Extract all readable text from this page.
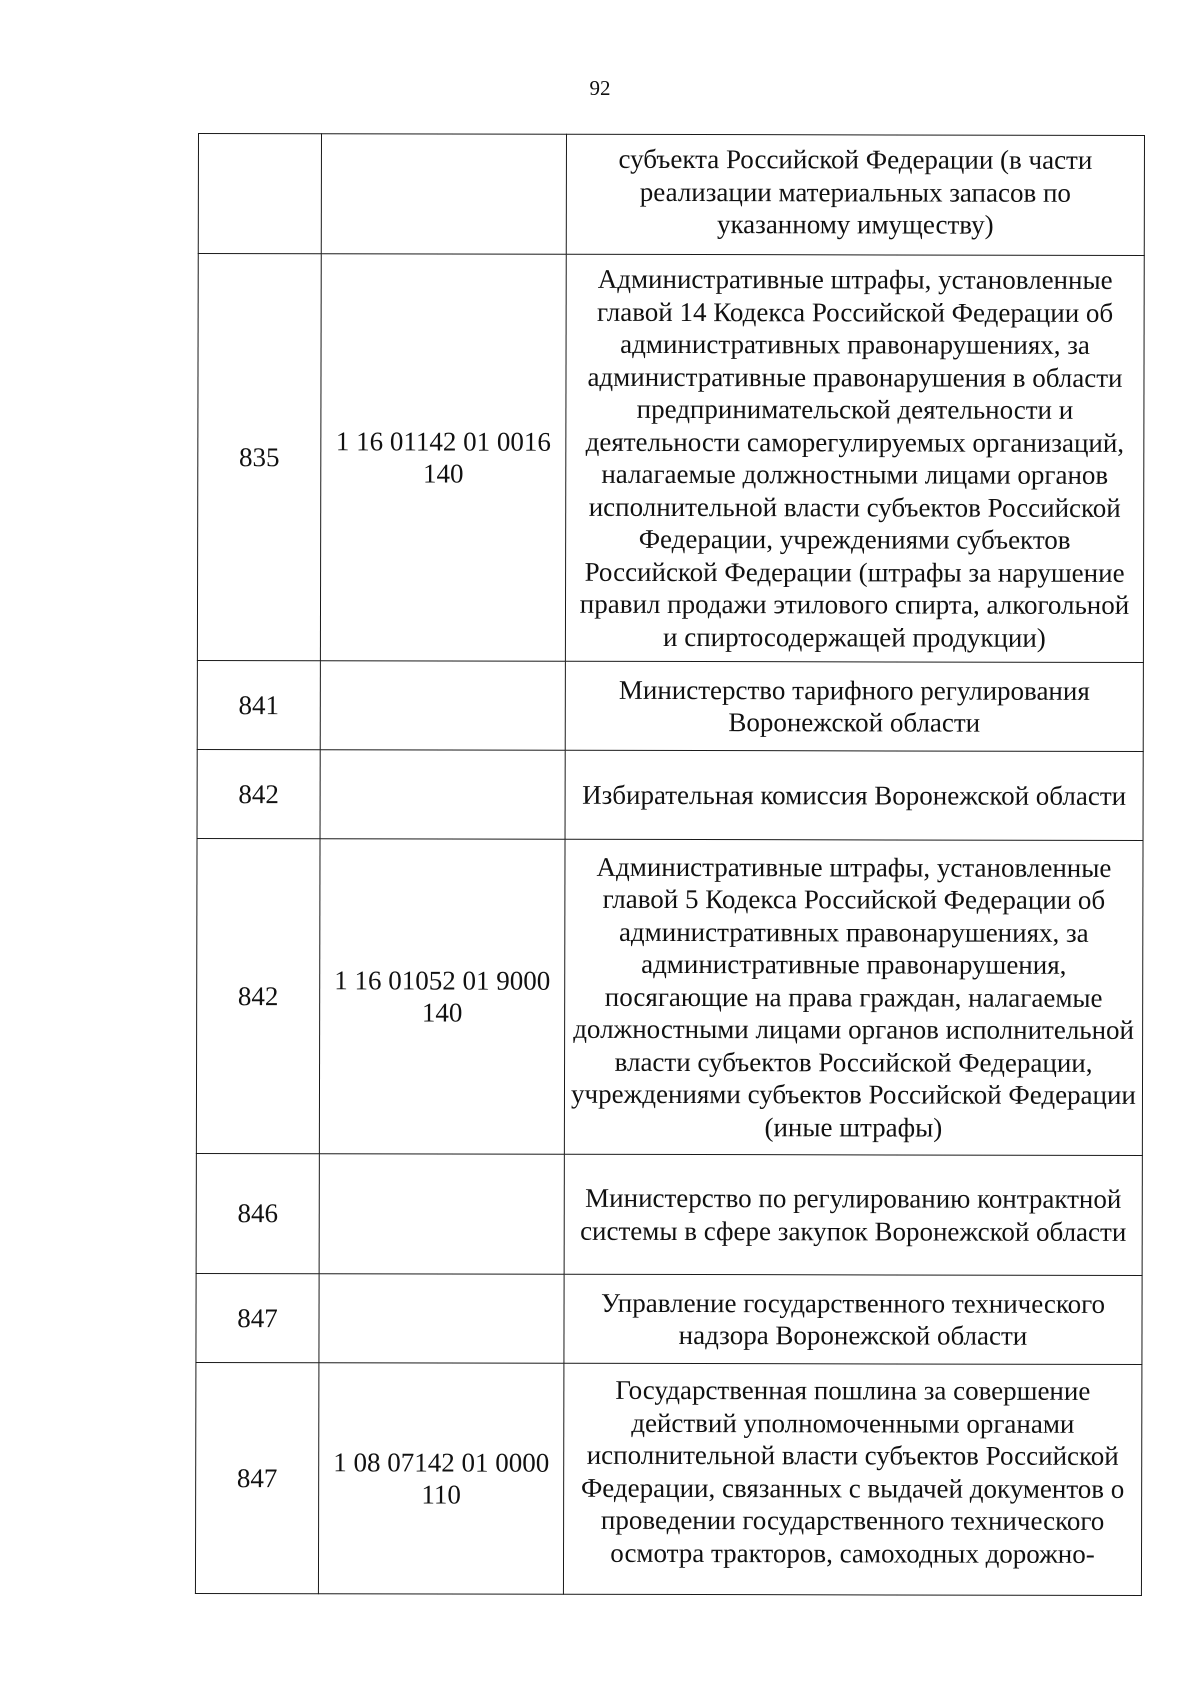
92
		субъекта Российской Федерации (в части реализации материальных запасов по указанному имуществу)
835	1 16 01142 01 0016 140	Административные штрафы, установленные главой 14 Кодекса Российской Федерации об административных правонарушениях, за административные правонарушения в области предпринимательской деятельности и деятельности саморегулируемых организаций, налагаемые должностными лицами органов исполнительной власти субъектов Российской Федерации, учреждениями субъектов Российской Федерации (штрафы за нарушение правил продажи этилового спирта, алкогольной и спиртосодержащей продукции)
841		Министерство тарифного регулирования Воронежской области
842		Избирательная комиссия Воронежской области
842	1 16 01052 01 9000 140	Административные штрафы, установленные главой 5 Кодекса Российской Федерации об административных правонарушениях, за административные правонарушения, посягающие на права граждан, налагаемые должностными лицами органов исполнительной власти субъектов Российской Федерации, учреждениями субъектов Российской Федерации (иные штрафы)
846		Министерство по регулированию контрактной системы в сфере закупок Воронежской области
847		Управление государственного технического надзора Воронежской области
847	1 08 07142 01 0000 110	Государственная пошлина за совершение действий уполномоченными органами исполнительной власти субъектов Российской Федерации, связанных с выдачей документов о проведении государственного технического осмотра тракторов, самоходных дорожно-
